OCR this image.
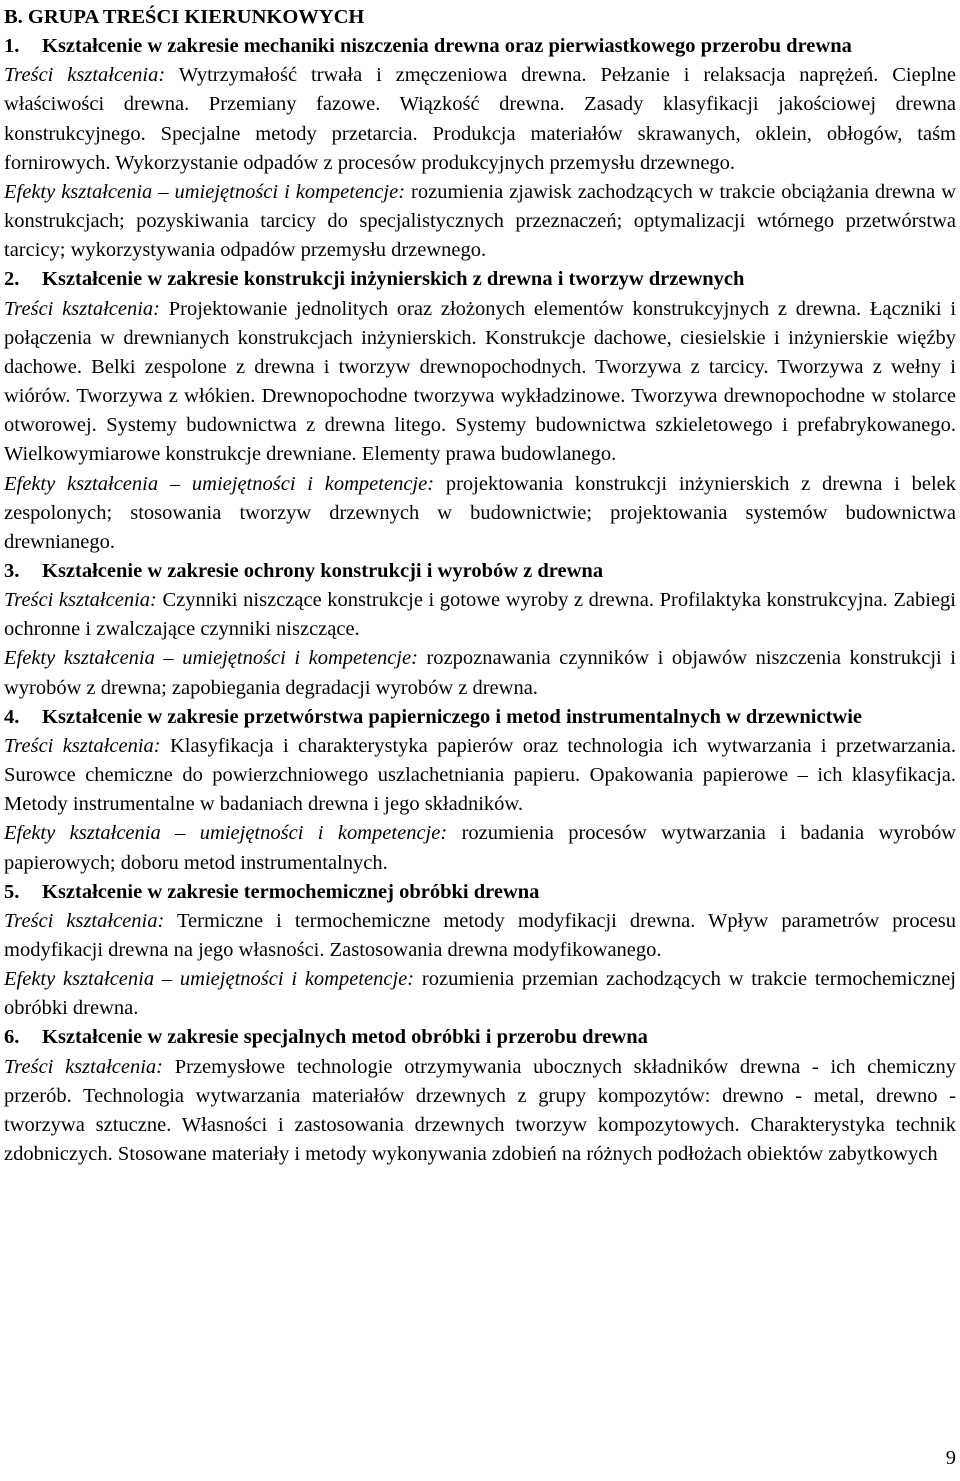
B. GRUPA TREŚCI KIERUNKOWYCH
1.	Kształcenie w zakresie mechaniki niszczenia drewna oraz pierwiastkowego przerobu drewna
Treści kształcenia: Wytrzymałość trwała i zmęczeniowa drewna. Pełzanie i relaksacja naprężeń. Cieplne właściwości drewna. Przemiany fazowe. Wiązkość drewna. Zasady klasyfikacji jakościowej drewna konstrukcyjnego. Specjalne metody przetarcia. Produkcja materiałów skrawanych, oklein, obłogów, taśm fornirowych. Wykorzystanie odpadów z procesów produkcyjnych przemysłu drzewnego.
Efekty kształcenia – umiejętności i kompetencje: rozumienia zjawisk zachodzących w trakcie obciążania drewna w konstrukcjach; pozyskiwania tarcicy do specjalistycznych przeznaczeń; optymalizacji wtórnego przetwórstwa tarcicy; wykorzystywania odpadów przemysłu drzewnego.
2.	Kształcenie w zakresie konstrukcji inżynierskich z drewna i tworzyw drzewnych
Treści kształcenia: Projektowanie jednolitych oraz złożonych elementów konstrukcyjnych z drewna. Łączniki i połączenia w drewnianych konstrukcjach inżynierskich. Konstrukcje dachowe, ciesielskie i inżynierskie więźby dachowe. Belki zespolone z drewna i tworzyw drewnopochodnych. Tworzywa z tarcicy. Tworzywa z wełny i wiórów. Tworzywa z włókien. Drewnopochodne tworzywa wykładzinowe. Tworzywa drewnopochodne w stolarce otworowej. Systemy budownictwa z drewna litego. Systemy budownictwa szkieletowego i prefabrykowanego. Wielkowymiarowe konstrukcje drewniane. Elementy prawa budowlanego.
Efekty kształcenia – umiejętności i kompetencje: projektowania konstrukcji inżynierskich z drewna i belek zespolonych; stosowania tworzyw drzewnych w budownictwie; projektowania systemów budownictwa drewnianego.
3.	Kształcenie w zakresie ochrony konstrukcji i wyrobów z drewna
Treści kształcenia: Czynniki niszczące konstrukcje i gotowe wyroby z drewna. Profilaktyka konstrukcyjna. Zabiegi ochronne i zwalczające czynniki niszczące.
Efekty kształcenia – umiejętności i kompetencje: rozpoznawania czynników i objawów niszczenia konstrukcji i wyrobów z drewna; zapobiegania degradacji wyrobów z drewna.
4.	Kształcenie w zakresie przetwórstwa papierniczego i metod instrumentalnych w drzewnictwie
Treści kształcenia: Klasyfikacja i charakterystyka papierów oraz technologia ich wytwarzania i przetwarzania. Surowce chemiczne do powierzchniowego uszlachetniania papieru. Opakowania papierowe – ich klasyfikacja. Metody instrumentalne w badaniach drewna i jego składników.
Efekty kształcenia – umiejętności i kompetencje: rozumienia procesów wytwarzania i badania wyrobów papierowych; doboru metod instrumentalnych.
5.	Kształcenie w zakresie termochemicznej obróbki drewna
Treści kształcenia: Termiczne i termochemiczne metody modyfikacji drewna. Wpływ parametrów procesu modyfikacji drewna na jego własności. Zastosowania drewna modyfikowanego.
Efekty kształcenia – umiejętności i kompetencje: rozumienia przemian zachodzących w trakcie termochemicznej obróbki drewna.
6.	Kształcenie w zakresie specjalnych metod obróbki i przerobu drewna
Treści kształcenia: Przemysłowe technologie otrzymywania ubocznych składników drewna - ich chemiczny przerób. Technologia wytwarzania materiałów drzewnych z grupy kompozytów: drewno - metal, drewno - tworzywa sztuczne. Własności i zastosowania drzewnych tworzyw kompozytowych. Charakterystyka technik zdobniczych. Stosowane materiały i metody wykonywania zdobień na różnych podłożach obiektów zabytkowych
9
